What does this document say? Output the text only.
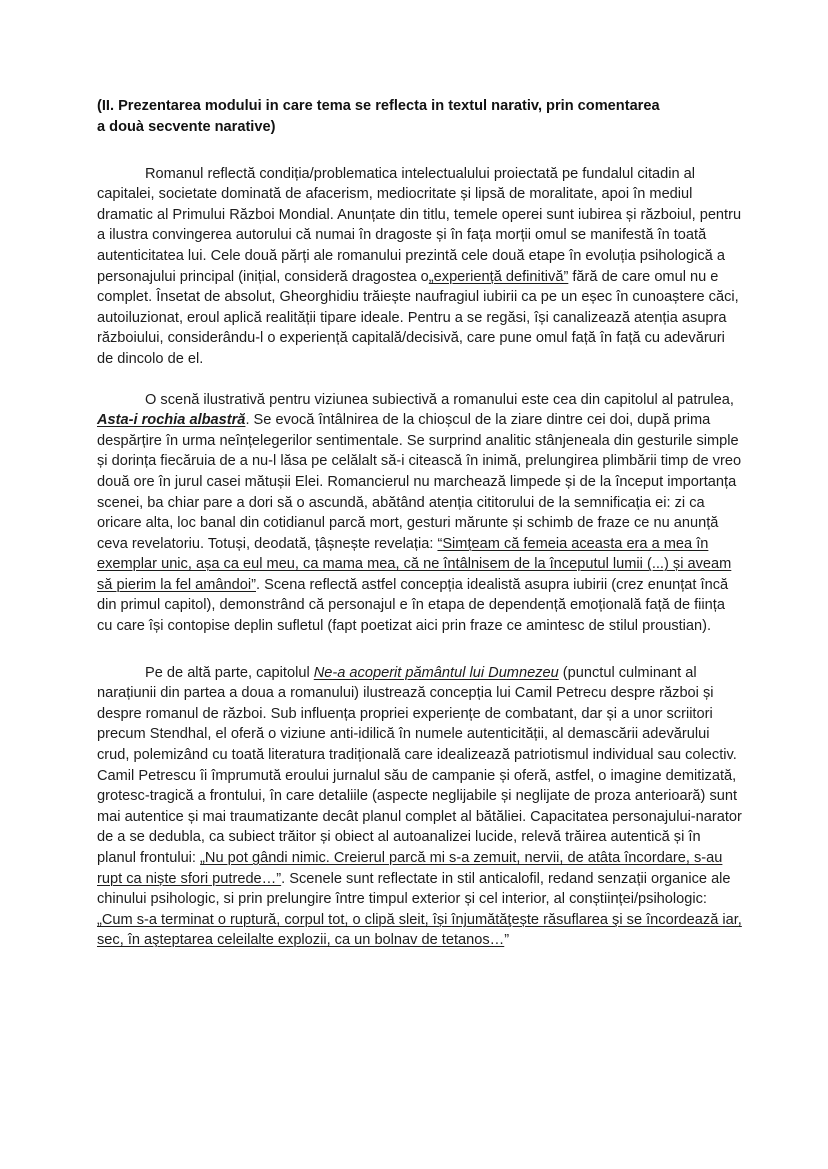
(II. Prezentarea modului in care tema se reflecta in textul narativ, prin comentarea
a douà secvente narative)

Romanul reflectă condiția/problematica intelectualului proiectată pe fundalul citadin al capitalei, societate dominată de afacerism, mediocritate și lipsă de moralitate, apoi în mediul dramatic al Primului Război Mondial. Anunțate din titlu, temele operei sunt iubirea și războiul, pentru a ilustra convingerea autorului că numai în dragoste și în fața morții omul se manifestă în toată autenticitatea lui. Cele două părți ale romanului prezintă cele două etape în evoluția psihologică a personajului principal (inițial, consideră dragostea o„experiență definitivă” fără de care omul nu e complet. Însetat de absolut, Gheorghidiu trăiește naufragiul iubirii ca pe un eșec în cunoaștere căci, autoiluzionat, eroul aplică realității tipare ideale. Pentru a se regăsi, își canalizează atenția asupra războiului, considerându-l o experiență capitală/decisivă, care pune omul față în față cu adevăruri de dincolo de el.

O scenă ilustrativă pentru viziunea subiectivă a romanului este cea din capitolul al patrulea, Asta-i rochia albastră. Se evocă întâlnirea de la chioșcul de la ziare dintre cei doi, după prima despărțire în urma neînțelegerilor sentimentale. Se surprind analitic stânjeneala din gesturile simple și dorința fiecăruia de a nu-l lăsa pe celălalt să-i citească în inimă, prelungirea plimbării timp de vreo două ore în jurul casei mătușii Elei. Romancierul nu marchează limpede și de la început importanța scenei, ba chiar pare a dori să o ascundă, abătând atenția cititorului de la semnificația ei: zi ca oricare alta, loc banal din cotidianul parcă mort, gesturi mărunte și schimb de fraze ce nu anunță ceva revelatoriu. Totuși, deodată, țâșnește revelația: “Simțeam că femeia aceasta era a mea în exemplar unic, așa ca eul meu, ca mama mea, că ne întâlnisem de la începutul lumii (...) și aveam să pierim la fel amândoi”. Scena reflectă astfel concepția idealistă asupra iubirii (crez enunțat încă din primul capitol), demonstrând că personajul e în etapa de dependență emoțională față de ființa cu care își contopise deplin sufletul (fapt poetizat aici prin fraze ce amintesc de stilul proustian).

Pe de altă parte, capitolul Ne-a acoperit pământul lui Dumnezeu (punctul culminant al narațiunii din partea a doua a romanului) ilustrează concepția lui Camil Petrecu despre război și despre romanul de război. Sub influența propriei experiențe de combatant, dar și a unor scriitori precum Stendhal, el oferă o viziune anti-idilică în numele autenticității, al demascării adevărului crud, polemizând cu toată literatura tradițională care idealizează patriotismul individual sau colectiv. Camil Petrescu îi împrumută eroului jurnalul său de campanie și oferă, astfel, o imagine demitizată, grotesc-tragică a frontului, în care detaliile (aspecte neglijabile și neglijate de proza anterioară) sunt mai autentice și mai traumatizante decât planul complet al bătăliei. Capacitatea personajului-narator de a se dedubla, ca subiect trăitor și obiect al autoanalizei lucide, relevă trăirea autentică și în planul frontului: „Nu pot gândi nimic. Creierul parcă mi s-a zemuit, nervii, de atâta încordare, s-au rupt ca niște sfori putrede…”. Scenele sunt reflectate in stil anticalofil, redand senzații organice ale chinului psihologic, si prin prelungire între timpul exterior și cel interior, al conștiinței/psihologic: „Cum s-a terminat o ruptură, corpul tot, o clipă sleit, își înjumătăţește răsuflarea şi se încordează iar, sec, în aşteptarea celeilalte explozii, ca un bolnav de tetanos…”
